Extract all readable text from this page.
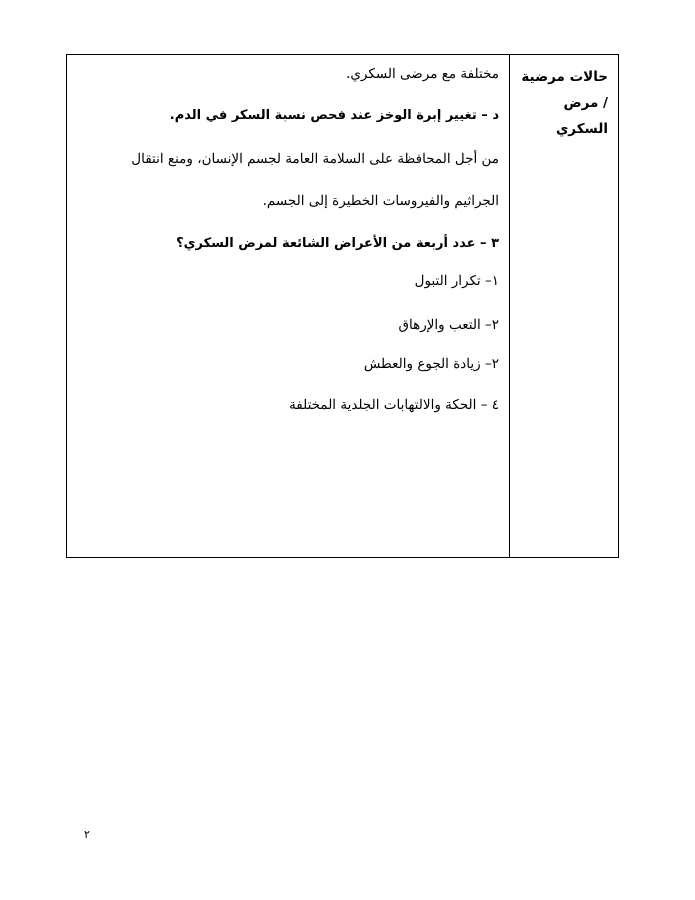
حالات مرضية
/ مرض السكري
مختلفة مع مرضى السكري.
د – تغيير إبرة الوخز عند فحص نسبة السكر في الدم.
من أجل المحافظة على السلامة العامة لجسم الإنسان، ومنع انتقال
الجراثيم والفيروسات الخطيرة إلى الجسم.
٣ – عدد أربعة من الأعراض الشائعة لمرض السكري؟
١– تكرار التبول
٢– التعب والإرهاق
٢– زيادة الجوع والعطش
٤ – الحكة والالتهابات الجلدية المختلفة
٢
